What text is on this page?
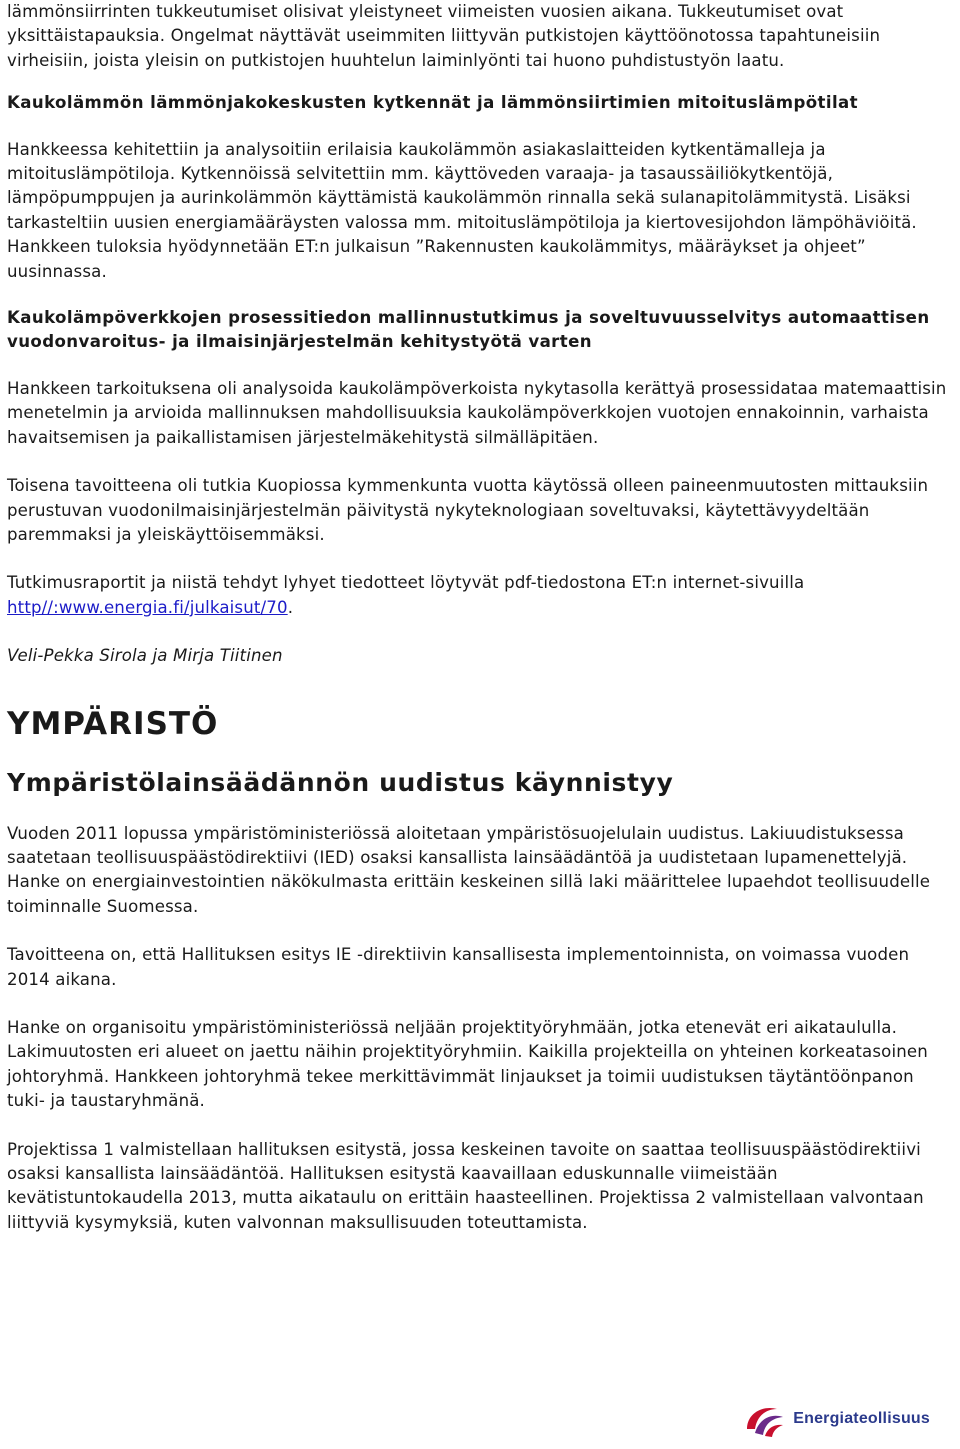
lämmönsiirrinten tukkeutumiset olisivat yleistyneet viimeisten vuosien aikana. Tukkeutumiset ovat yksittäistapauksia. Ongelmat näyttävät useimmiten liittyvän putkistojen käyttöönotossa tapahtuneisiin virheisiin, joista yleisin on putkistojen huuhtelun laiminlyönti tai huono puhdistustyön laatu.

Kaukolämmön lämmönjakokeskusten kytkennät ja lämmönsiirtimien mitoituslämpötilat

Hankkeessa kehitettiin ja analysoitiin erilaisia kaukolämmön asiakaslaitteiden kytkentämalleja ja mitoituslämpötiloja. Kytkennöissä selvitettiin mm. käyttöveden varaaja- ja tasaussäiliökytkentöjä, lämpöpumppujen ja aurinkolämmön käyttämistä kaukolämmön rinnalla sekä sulanapitolämmitystä. Lisäksi tarkasteltiin uusien energiamääräysten valossa mm. mitoituslämpötiloja ja kiertovesijohdon lämpöhäviöitä. Hankkeen tuloksia hyödynnetään ET:n julkaisun ”Rakennusten kaukolämmitys, määräykset ja ohjeet” uusinnassa.

Kaukolämpöverkkojen prosessitiedon mallinnustutkimus ja soveltuvuusselvitys automaattisen vuodonvaroitus- ja ilmaisinjärjestelmän kehitystyötä varten

Hankkeen tarkoituksena oli analysoida kaukolämpöverkoista nykytasolla kerättyä prosessidataa matemaattisin menetelmin ja arvioida mallinnuksen mahdollisuuksia kaukolämpöverkkojen vuotojen ennakoinnin, varhaista havaitsemisen ja paikallistamisen järjestelmäkehitystä silmälläpitäen.

Toisena tavoitteena oli tutkia Kuopiossa kymmenkunta vuotta käytössä olleen paineenmuutosten mittauksiin perustuvan vuodonilmaisinjärjestelmän päivitystä nykyteknologiaan soveltuvaksi, käytettävyydeltään paremmaksi ja yleiskäyttöisemmäksi.

Tutkimusraportit ja niistä tehdyt lyhyet tiedotteet löytyvät pdf-tiedostona ET:n internet-sivuilla http//:www.energia.fi/julkaisut/70.

Veli-Pekka Sirola ja Mirja Tiitinen

YMPÄRISTÖ

Ympäristölainsäädännön uudistus käynnistyy

Vuoden 2011 lopussa ympäristöministeriössä aloitetaan ympäristösuojelulain uudistus. Lakiuudistuksessa saatetaan teollisuuspäästödirektiivi (IED) osaksi kansallista lainsäädäntöä ja uudistetaan lupamenettelyjä. Hanke on energiainvestointien näkökulmasta erittäin keskeinen sillä laki määrittelee lupaehdot teollisuudelle toiminnalle Suomessa.

Tavoitteena on, että Hallituksen esitys IE -direktiivin kansallisesta implementoinnista, on voimassa vuoden 2014 aikana.

Hanke on organisoitu ympäristöministeriössä neljään projektityöryhmään, jotka etenevät eri aikataululla. Lakimuutosten eri alueet on jaettu näihin projektityöryhmiin. Kaikilla projekteilla on yhteinen korkeatasoinen johtoryhmä. Hankkeen johtoryhmä tekee merkittävimmät linjaukset ja toimii uudistuksen täytäntöönpanon tuki- ja taustaryhmänä.

Projektissa 1 valmistellaan hallituksen esitystä, jossa keskeinen tavoite on saattaa teollisuuspäästödirektiivi osaksi kansallista lainsäädäntöä. Hallituksen esitystä kaavaillaan eduskunnalle viimeistään kevätistuntokaudella 2013, mutta aikataulu on erittäin haasteellinen. Projektissa 2 valmistellaan valvontaan liittyviä kysymyksiä, kuten valvonnan maksullisuuden toteuttamista.

Energiateollisuus
